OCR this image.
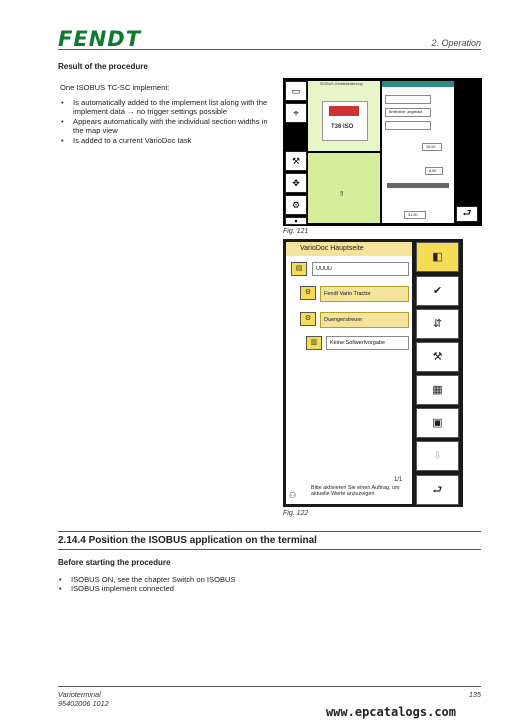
FENDT	2. Operation
Result of the procedure
One ISOBUS TC-SC implement:
• Is automatically added to the implement list along with the implement data → no trigger settings possible
• Appears automatically with the individual section widths in the map view
• Is added to a current VarioDoc task
▭
⌖
⚒
✥
⚙
▪
ISOBUS-Gerätebedienung
T36 ISO
‼
Gerätebedienungen
Breitheber, angebaut
15.00
6.00
31.00	⮐
Fig. 121
VarioDoc Hauptseite
▤	UUUU
⚙	Fendt Vario Tractor
⚙	Duengerstreuer
▥	Keine Sollwertvorgabe
1/1
⚇
Bitte aktivieren Sie einen Auftrag, um aktuelle Werte anzuzeigen
◧
✔
⇵
⚒
▦
▣
⇩
⮐
Fig. 122
2.14.4 Position the ISOBUS application on the terminal
Before starting the procedure
• ISOBUS ON, see the chapter Switch on ISOBUS
• ISOBUS implement connected
Varioterminal
95402006 1012
135
www.epcatalogs.com
